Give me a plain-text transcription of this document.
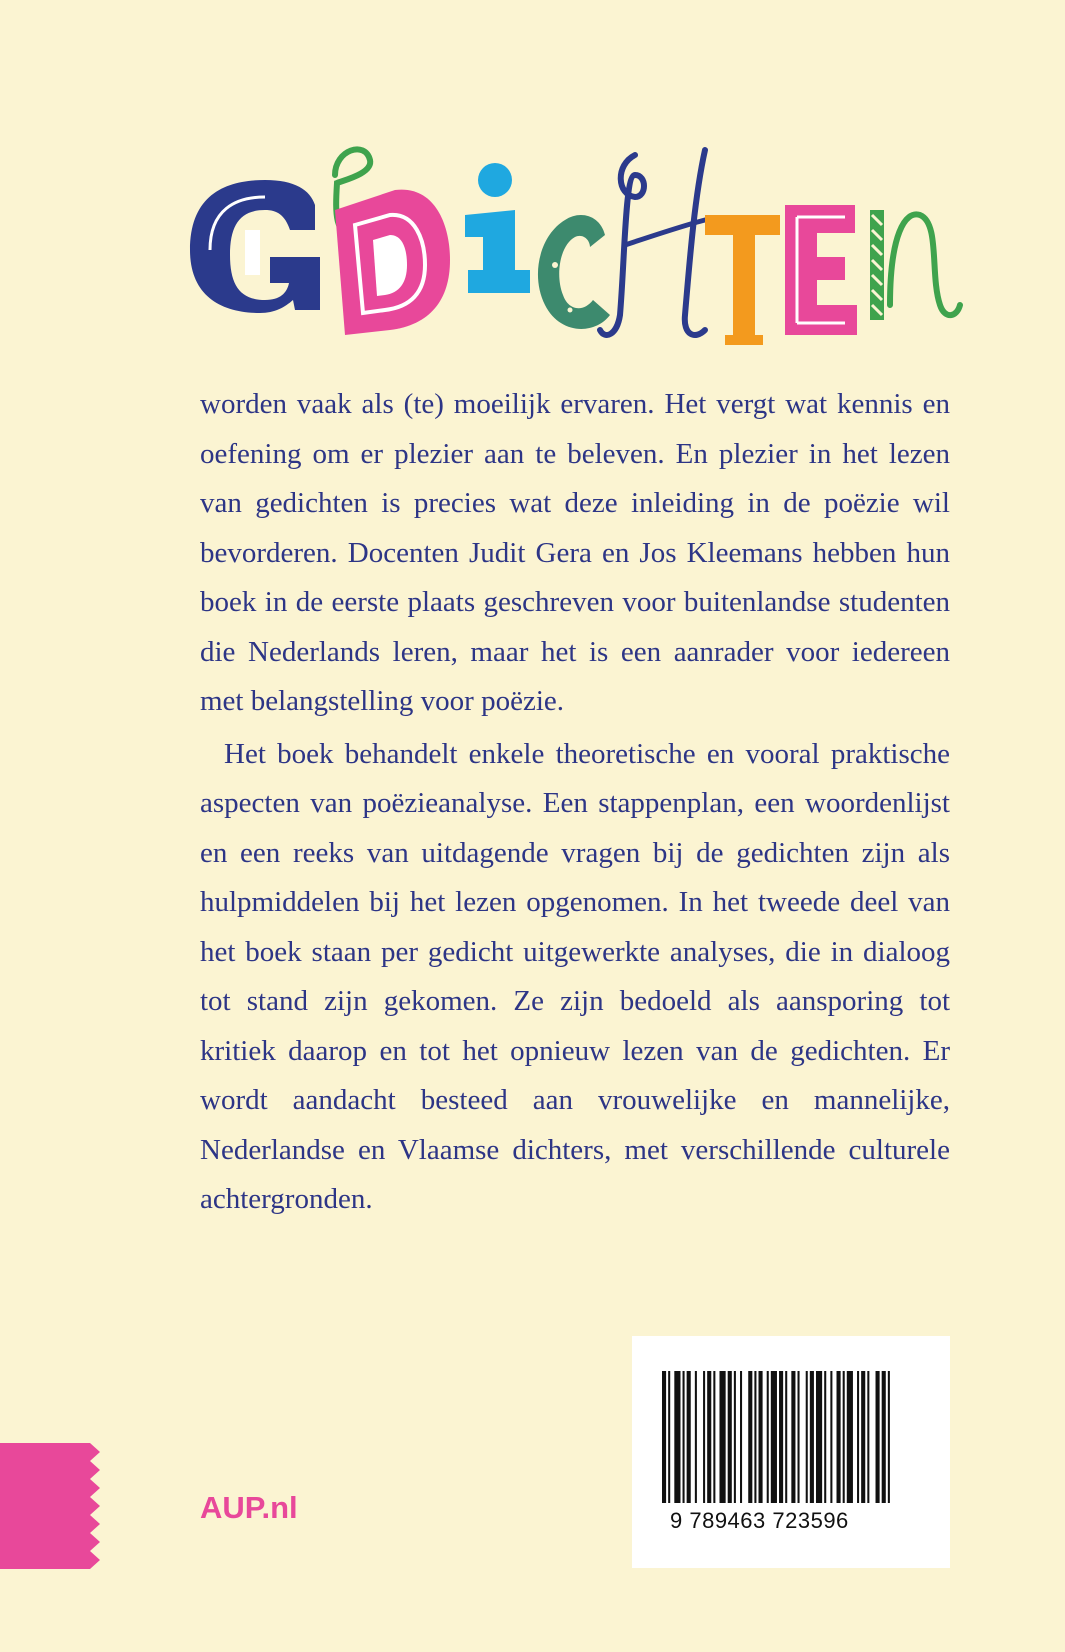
worden vaak als (te) moeilijk ervaren. Het vergt wat kennis en oefening om er plezier aan te beleven. En plezier in het lezen van gedichten is precies wat deze inleiding in de poëzie wil bevorderen. Docenten Judit Gera en Jos Kleemans hebben hun boek in de eerste plaats geschreven voor buitenlandse studenten die Nederlands leren, maar het is een aanrader voor iedereen met belangstelling voor poëzie.

Het boek behandelt enkele theoretische en vooral praktische aspecten van poëzieanalyse. Een stappenplan, een woordenlijst en een reeks van uitdagende vragen bij de gedichten zijn als hulpmiddelen bij het lezen opgenomen. In het tweede deel van het boek staan per gedicht uitgewerkte analyses, die in dialoog tot stand zijn gekomen. Ze zijn bedoeld als aansporing tot kritiek daarop en tot het opnieuw lezen van de gedichten. Er wordt aandacht besteed aan vrouwelijke en mannelijke, Nederlandse en Vlaamse dichters, met verschillende culturele achtergronden.

9 789463 723596
AUP.nl
